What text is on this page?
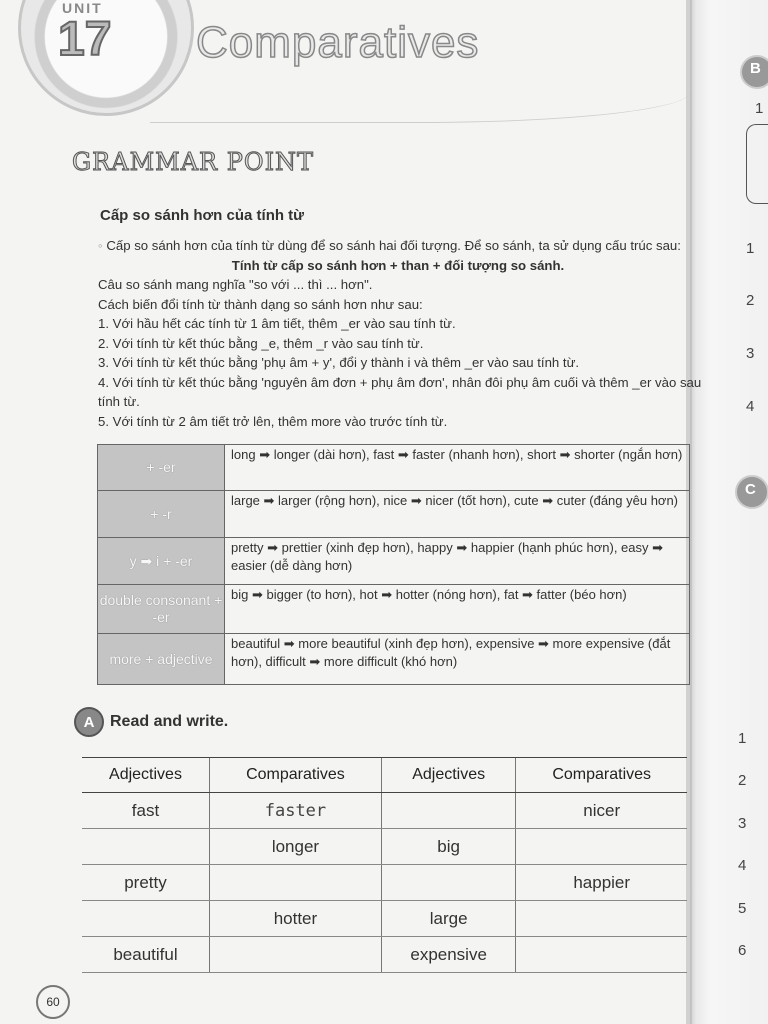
UNIT
17 Comparatives
GRAMMAR POINT
Cấp so sánh hơn của tính từ

◦ Cấp so sánh hơn của tính từ dùng để so sánh hai đối tượng. Để so sánh, ta sử dụng cấu trúc sau:

Tính từ cấp so sánh hơn + than + đối tượng so sánh.

Câu so sánh mang nghĩa "so với ... thì ... hơn".

Cách biến đổi tính từ thành dạng so sánh hơn như sau:

1. Với hầu hết các tính từ 1 âm tiết, thêm _er vào sau tính từ.

2. Với tính từ kết thúc bằng _e, thêm _r vào sau tính từ.

3. Với tính từ kết thúc bằng 'phụ âm + y', đổi y thành i và thêm _er vào sau tính từ.

4. Với tính từ kết thúc bằng 'nguyên âm đơn + phụ âm đơn', nhân đôi phụ âm cuối và thêm _er vào sau

tính từ.

5. Với tính từ 2 âm tiết trở lên, thêm more vào trước tính từ.

+ -er	long ➡ longer (dài hơn), fast ➡ faster (nhanh hơn), short ➡ shorter (ngắn hơn)
+ -r	large ➡ larger (rộng hơn), nice ➡ nicer (tốt hơn), cute ➡ cuter (đáng yêu hơn)
y ➡ i + -er	pretty ➡ prettier (xinh đẹp hơn), happy ➡ happier (hạnh phúc hơn), easy ➡ easier (dễ dàng hơn)
double consonant + -er	big ➡ bigger (to hơn), hot ➡ hotter (nóng hơn), fat ➡ fatter (béo hơn)
more + adjective	beautiful ➡ more beautiful (xinh đẹp hơn), expensive ➡ more expensive (đắt hơn), difficult ➡ more difficult (khó hơn)
A Read and write.
Adjectives	Comparatives	Adjectives	Comparatives
fast	faster		nicer
	longer	big	
pretty			happier
	hotter	large	
beautiful		expensive	
B
1
1
2
3
4
C
1
2
3
4
5
6
60
